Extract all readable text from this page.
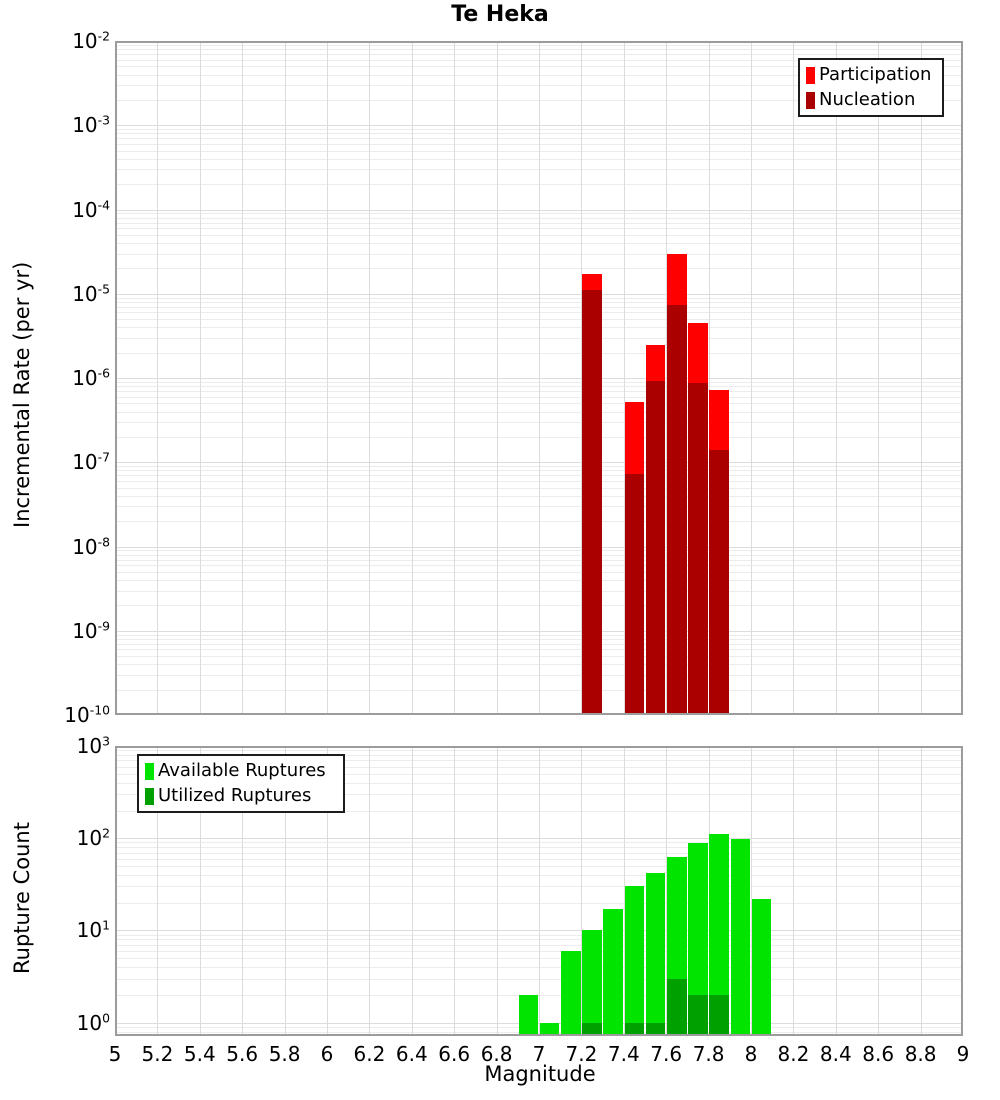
Te Heka
Incremental Rate (per yr)
Rupture Count
Magnitude
Participation
Nucleation
Available Ruptures
Utilized Ruptures
$10^{-10}$
$10^{-9}$
$10^{-8}$
$10^{-7}$
$10^{-6}$
$10^{-5}$
$10^{-4}$
$10^{-3}$
$10^{-2}$
$10^0$
$10^1$
$10^2$
$10^3$
5	5.2 5.4 5.6 5.8	6	6.2 6.4 6.6 6.8	7	7.2 7.4 7.6 7.8	8	8.2 8.4 8.6 8.8	9
